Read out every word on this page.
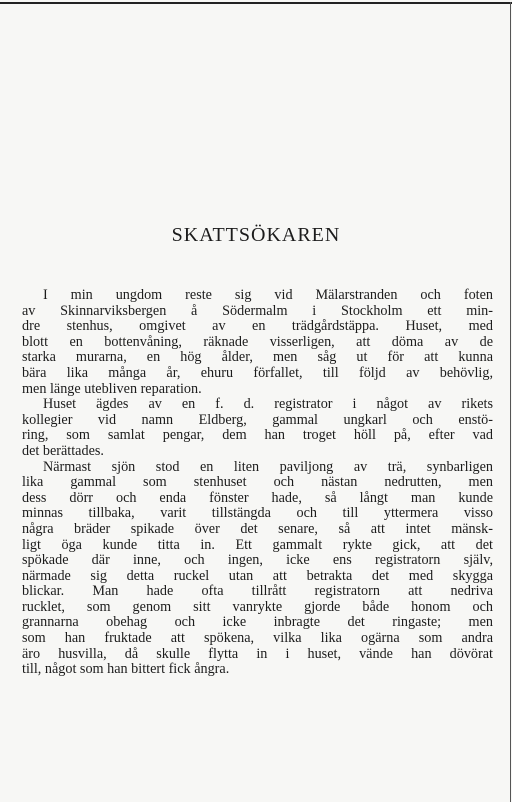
SKATTSÖKAREN
I min ungdom reste sig vid Mälarstranden och foten
av Skinnarviksbergen å Södermalm i Stockholm ett min-
dre stenhus, omgivet av en trädgårdstäppa. Huset, med
blott en bottenvåning, räknade visserligen, att döma av de
starka murarna, en hög ålder, men såg ut för att kunna
bära lika många år, ehuru förfallet, till följd av behövlig,
men länge utebliven reparation.
Huset ägdes av en f. d. registrator i något av rikets
kollegier vid namn Eldberg, gammal ungkarl och enstö-
ring, som samlat pengar, dem han troget höll på, efter vad
det berättades.
Närmast sjön stod en liten paviljong av trä, synbarligen
lika gammal som stenhuset och nästan nedrutten, men
dess dörr och enda fönster hade, så långt man kunde
minnas tillbaka, varit tillstängda och till yttermera visso
några bräder spikade över det senare, så att intet mänsk-
ligt öga kunde titta in. Ett gammalt rykte gick, att det
spökade där inne, och ingen, icke ens registratorn själv,
närmade sig detta ruckel utan att betrakta det med skygga
blickar. Man hade ofta tillrått registratorn att nedriva
rucklet, som genom sitt vanrykte gjorde både honom och
grannarna obehag och icke inbragte det ringaste; men
som han fruktade att spökena, vilka lika ogärna som andra
äro husvilla, då skulle flytta in i huset, vände han dövörat
till, något som han bittert fick ångra.
